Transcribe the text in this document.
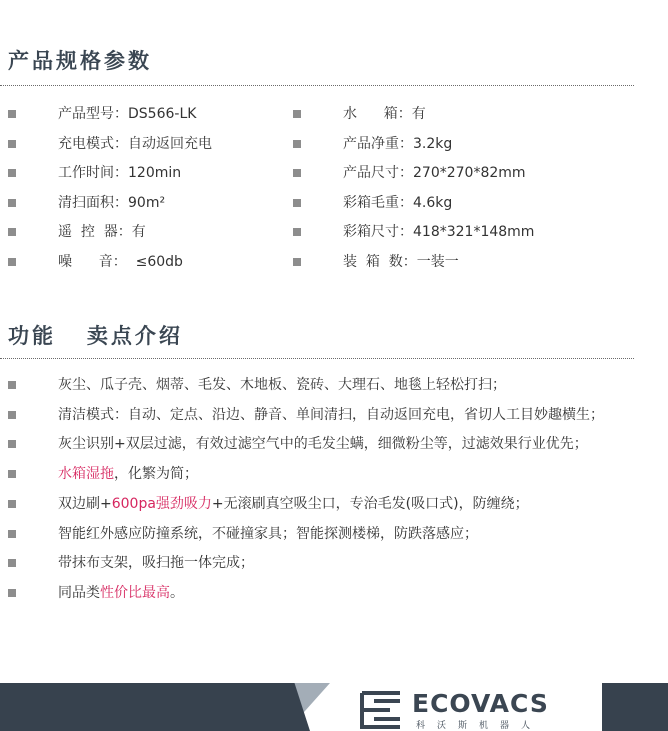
产品规格参数
产品型号：DS566-LK	水      箱：有
充电模式：自动返回充电	产品净重：3.2kg
工作时间：120min	产品尺寸：270*270*82mm
清扫面积：90m²	彩箱毛重：4.6kg
遥  控  器：有	彩箱尺寸：418*321*148mm
噪      音：  ≤60db	装  箱  数：一装一
功能   卖点介绍
灰尘、瓜子壳、烟蒂、毛发、木地板、瓷砖、大理石、地毯上轻松打扫；
清洁模式：自动、定点、沿边、静音、单间清扫，自动返回充电，省切人工目妙趣横生；
灰尘识别+双层过滤，有效过滤空气中的毛发尘螨，细微粉尘等，过滤效果行业优先；
水箱湿拖，化繁为简；
双边刷+600pa强劲吸力+无滚刷真空吸尘口，专治毛发(吸口式)，防缠绕；
智能红外感应防撞系统，不碰撞家具；智能探测楼梯，防跌落感应；
带抹布支架，吸扫拖一体完成；
同品类性价比最高。
ECOVACS
科沃斯机器人
